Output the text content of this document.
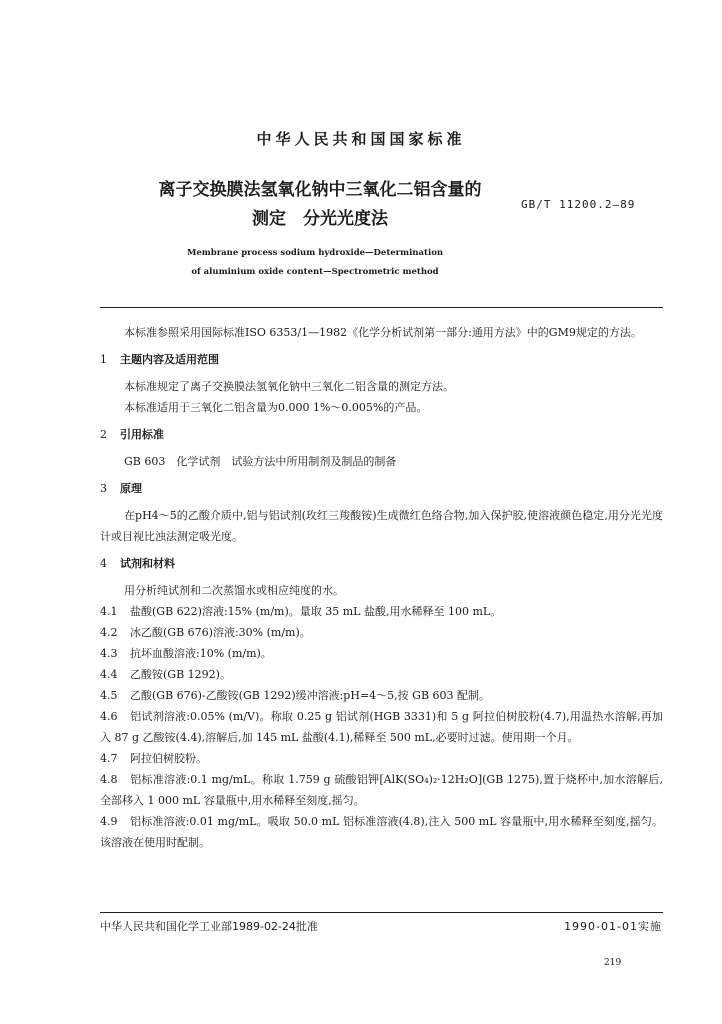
中华人民共和国国家标准
离子交换膜法氢氧化钠中三氧化二铝含量的
测定　分光光度法
GB/T 11200.2—89
Membrane process sodium hydroxide—Determination
of aluminium oxide content—Spectrometric method

本标准参照采用国际标准ISO 6353/1—1982《化学分析试剂第一部分:通用方法》中的GM9规定的方法。

1 主题内容及适用范围

本标准规定了离子交换膜法氢氧化钠中三氧化二铝含量的测定方法。

本标准适用于三氧化二铝含量为0.000 1%～0.005%的产品。

2 引用标准

GB 603　化学试剂　试验方法中所用制剂及制品的制备

3 原理

在pH4～5的乙酸介质中,铝与铝试剂(玫红三羧酸铵)生成微红色络合物,加入保护胶,使溶液颜色稳定,用分光光度计或目视比浊法测定吸光度。

4 试剂和材料

用分析纯试剂和二次蒸馏水或相应纯度的水。

4.1 盐酸(GB 622)溶液:15% (m/m)。量取 35 mL 盐酸,用水稀释至 100 mL。

4.2 冰乙酸(GB 676)溶液:30% (m/m)。

4.3 抗坏血酸溶液:10% (m/m)。

4.4 乙酸铵(GB 1292)。

4.5 乙酸(GB 676)-乙酸铵(GB 1292)缓冲溶液:pH=4～5,按 GB 603 配制。

4.6 铝试剂溶液:0.05% (m/V)。称取 0.25 g 铝试剂(HGB 3331)和 5 g 阿拉伯树胶粉(4.7),用温热水溶解,再加入 87 g 乙酸铵(4.4),溶解后,加 145 mL 盐酸(4.1),稀释至 500 mL,必要时过滤。使用期一个月。

4.7 阿拉伯树胶粉。

4.8 铝标准溶液:0.1 mg/mL。称取 1.759 g 硫酸铝钾[AlK(SO₄)₂·12H₂O](GB 1275),置于烧杯中,加水溶解后,全部移入 1 000 mL 容量瓶中,用水稀释至刻度,摇匀。

4.9 铝标准溶液:0.01 mg/mL。吸取 50.0 mL 铝标准溶液(4.8),注入 500 mL 容量瓶中,用水稀释至刻度,摇匀。该溶液在使用时配制。

中华人民共和国化学工业部1989-02-24批准	1990-01-01实施
219
